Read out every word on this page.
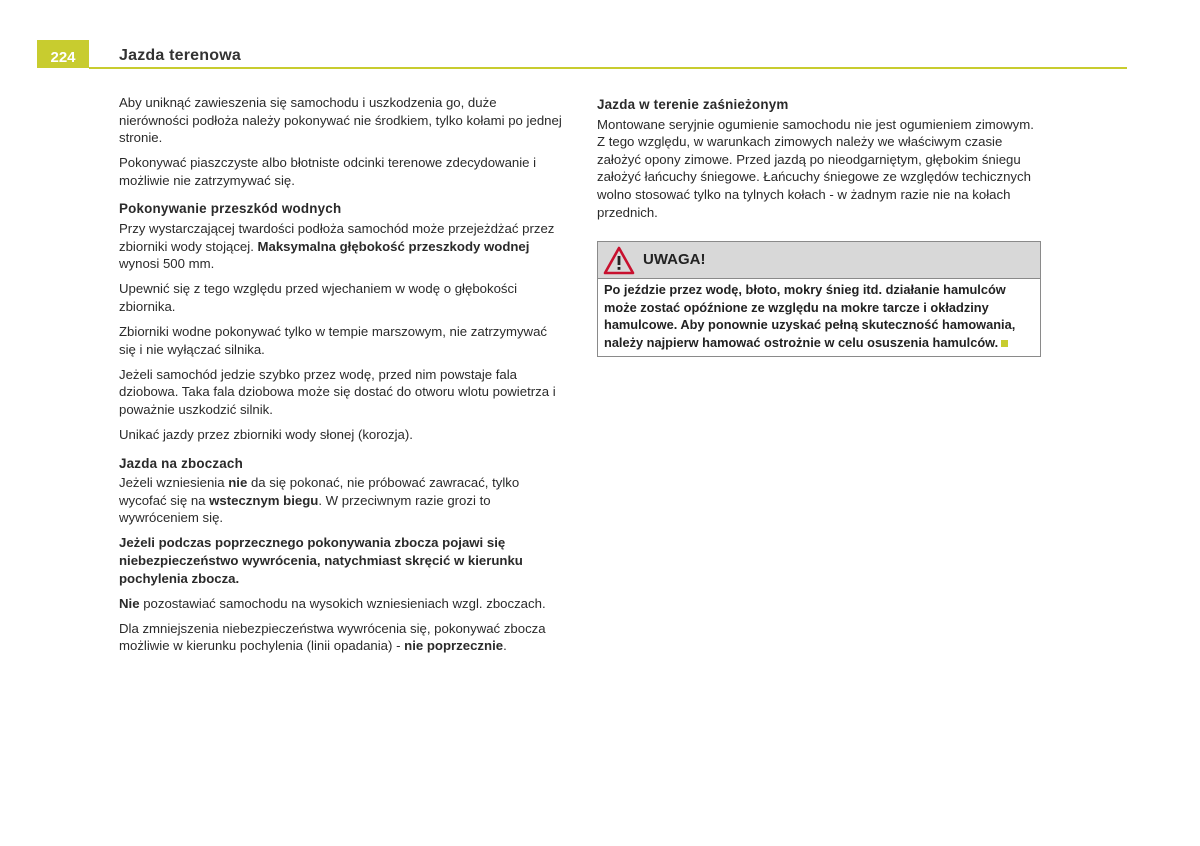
224	Jazda terenowa

Aby uniknąć zawieszenia się samochodu i uszkodzenia go, duże nierówności podłoża należy pokonywać nie środkiem, tylko kołami po jednej stronie.

Pokonywać piaszczyste albo błotniste odcinki terenowe zdecydowanie i możliwie nie zatrzymywać się.

Pokonywanie przeszkód wodnych

Przy wystarczającej twardości podłoża samochód może przejeżdżać przez zbiorniki wody stojącej. Maksymalna głębokość przeszkody wodnej wynosi 500 mm.

Upewnić się z tego względu przed wjechaniem w wodę o głębokości zbiornika.

Zbiorniki wodne pokonywać tylko w tempie marszowym, nie zatrzymywać się i nie wyłączać silnika.

Jeżeli samochód jedzie szybko przez wodę, przed nim powstaje fala dziobowa. Taka fala dziobowa może się dostać do otworu wlotu powietrza i poważnie uszkodzić silnik.

Unikać jazdy przez zbiorniki wody słonej (korozja).

Jazda na zboczach

Jeżeli wzniesienia nie da się pokonać, nie próbować zawracać, tylko wycofać się na wstecznym biegu. W przeciwnym razie grozi to wywróceniem się.

Jeżeli podczas poprzecznego pokonywania zbocza pojawi się niebezpieczeństwo wywrócenia, natychmiast skręcić w kierunku pochylenia zbocza.

Nie pozostawiać samochodu na wysokich wzniesieniach wzgl. zboczach.

Dla zmniejszenia niebezpieczeństwa wywrócenia się, pokonywać zbocza możliwie w kierunku pochylenia (linii opadania) - nie poprzecznie.

Jazda w terenie zaśnieżonym

Montowane seryjnie ogumienie samochodu nie jest ogumieniem zimowym. Z tego względu, w warunkach zimowych należy we właściwym czasie założyć opony zimowe. Przed jazdą po nieodgarniętym, głębokim śniegu założyć łańcuchy śniegowe. Łańcuchy śniegowe ze względów techicznych wolno stosować tylko na tylnych kołach - w żadnym razie nie na kołach przednich.

UWAGA!
Po jeździe przez wodę, błoto, mokry śnieg itd. działanie hamulców może zostać opóźnione ze względu na mokre tarcze i okładziny hamulcowe. Aby ponownie uzyskać pełną skuteczność hamowania, należy najpierw hamować ostrożnie w celu osuszenia hamulców.
